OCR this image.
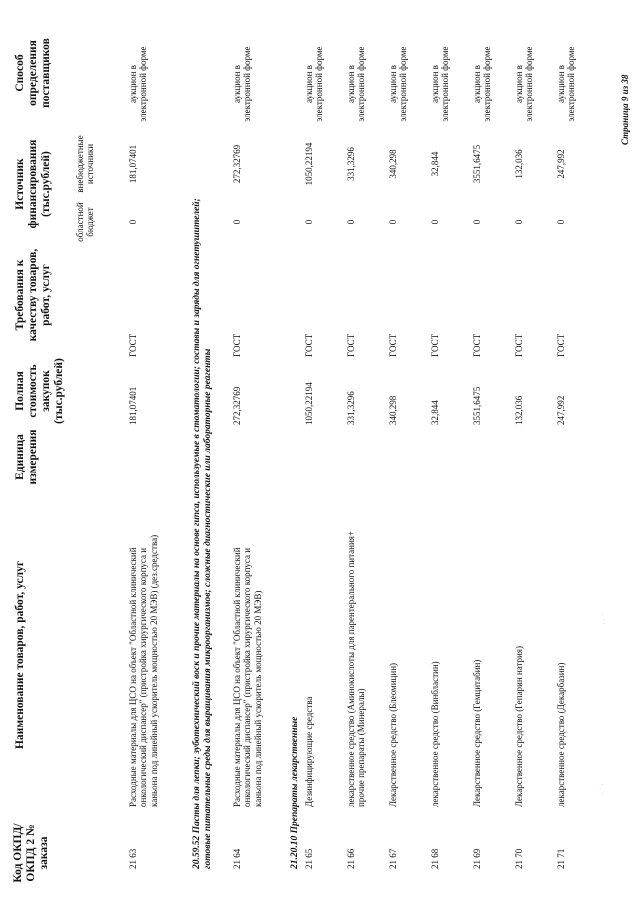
Код ОКПД/ ОКПД 2 № заказа
Наименование товаров, работ, услуг
Единица измерения
Полная стоимость закупок (тыс.рублей)
Требования к качеству товаров, работ, услуг
Источник финансирования (тыс.рублей)
областной бюджет
внебюджетные источники
Способ определения поставщиков
21 63
Расходные материалы для ЦСО на объект "Областной клинический онкологический диспансер" (пристройка хирургического корпуса и каньона под линейный ускоритель мощностью 20 МЭВ) (дез.средства)
181,07401
ГОСТ
0
181,07401
аукцион в электронной форме
20.59.52 Пасты для лепки; зуботехнический воск и прочие материалы на основе гипса, используемые в стоматологии; составы и заряды для огнетушителей; готовые питательные среды для выращивания микроорганизмов; сложные диагностические или лабораторные реагенты 21 64
Расходные материалы для ЦСО на объект "Областной клинический онкологический диспансер" (пристройка хирургического корпуса и каньона под линейный ускоритель мощностью 20 МЭВ)
272,32769
ГОСТ
0
272,32769
аукцион в электронной форме
21.20.10 Препараты лекарственные
21 65
Дезинфицирующие средства
1050,22194
ГОСТ
0
1050,22194
аукцион в электронной форме
21 66
лекарственное средство (Аминокислоты для парентерального питания+ прочие препараты (Минералы)
331,3296
ГОСТ
0
331,3296
аукцион в электронной форме
21 67
Лекарственное средство (Блеомицин)
340,298
ГОСТ
0
340,298
аукцион в электронной форме
21 68
лекарственное средство (Винбластин)
32,844
ГОСТ
0
32,844
аукцион в электронной форме
21 69
Лекарственное средство (Гемцитабин)
3551,6475
ГОСТ
0
3551,6475
аукцион в электронной форме
21 70
Лекарственное средство (Гепарин натрия)
132,036
ГОСТ
0
132,036
аукцион в электронной форме
21 71
лекарственное средство (Декарбазин)
247,992
ГОСТ
0
247,992
аукцион в электронной форме
‧ · ˙
· ˙ ‧
Страница 9 из 38
